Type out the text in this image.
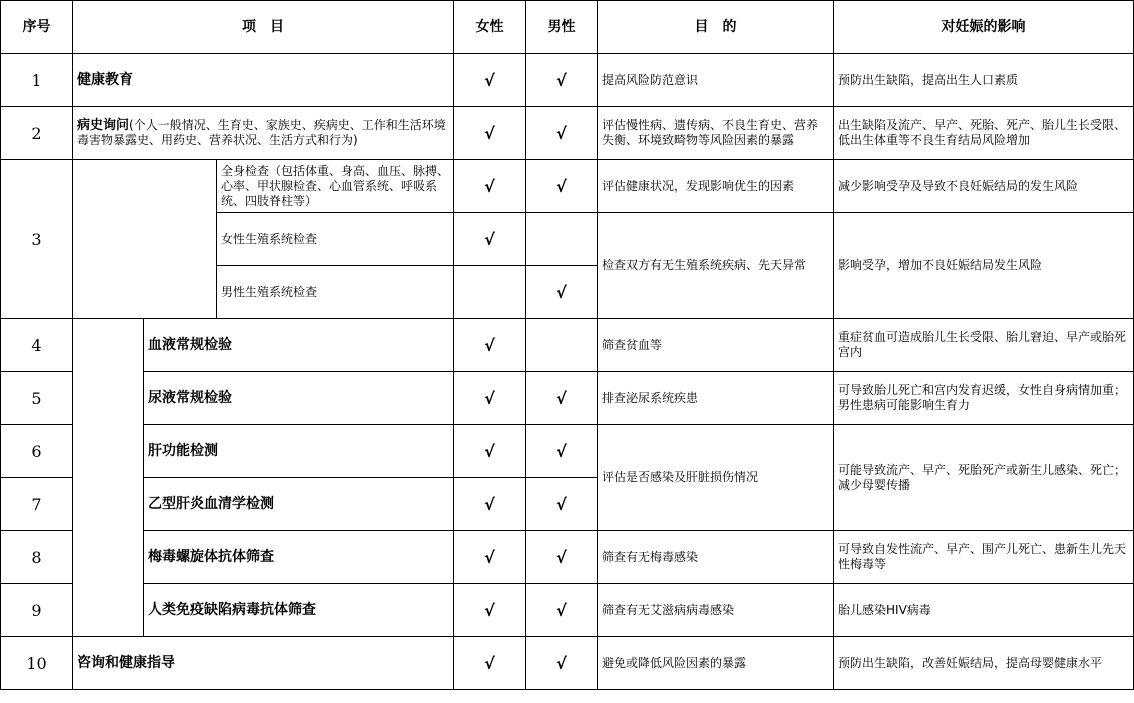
序号	项　目			女性	男性	目　的	对妊娠的影响
1	健康教育			√	√	提高风险防范意识	预防出生缺陷，提高出生人口素质
2	病史询问(个人一般情况、生育史、家族史、疾病史、工作和生活环境毒害物暴露史、用药史、营养状况、生活方式和行为)			√	√	评估慢性病、遗传病、不良生育史、营养失衡、环境致畸物等风险因素的暴露	出生缺陷及流产、早产、死胎、死产、胎儿生长受限、低出生体重等不良生育结局风险增加
3			全身检查（包括体重、身高、血压、脉搏、心率、甲状腺检查、心血管系统、呼吸系统、四肢脊柱等）	√	√	评估健康状况，发现影响优生的因素	减少影响受孕及导致不良妊娠结局的发生风险
			女性生殖系统检查	√		检查双方有无生殖系统疾病、先天异常	影响受孕，增加不良妊娠结局发生风险
			男性生殖系统检查		√		
4		血液常规检验		√		筛查贫血等	重症贫血可造成胎儿生长受限、胎儿窘迫、早产或胎死宫内
5		尿液常规检验		√	√	排查泌尿系统疾患	可导致胎儿死亡和宫内发育迟缓，女性自身病情加重；男性患病可能影响生育力
6		肝功能检测		√	√	评估是否感染及肝脏损伤情况	可能导致流产、早产、死胎死产或新生儿感染、死亡；减少母婴传播
7		乙型肝炎血清学检测		√	√		
8		梅毒螺旋体抗体筛查		√	√	筛查有无梅毒感染	可导致自发性流产、早产、围产儿死亡、患新生儿先天性梅毒等
9		人类免疫缺陷病毒抗体筛查		√	√	筛查有无艾滋病病毒感染	胎儿感染HIV病毒
10	咨询和健康指导			√	√	避免或降低风险因素的暴露	预防出生缺陷，改善妊娠结局，提高母婴健康水平
